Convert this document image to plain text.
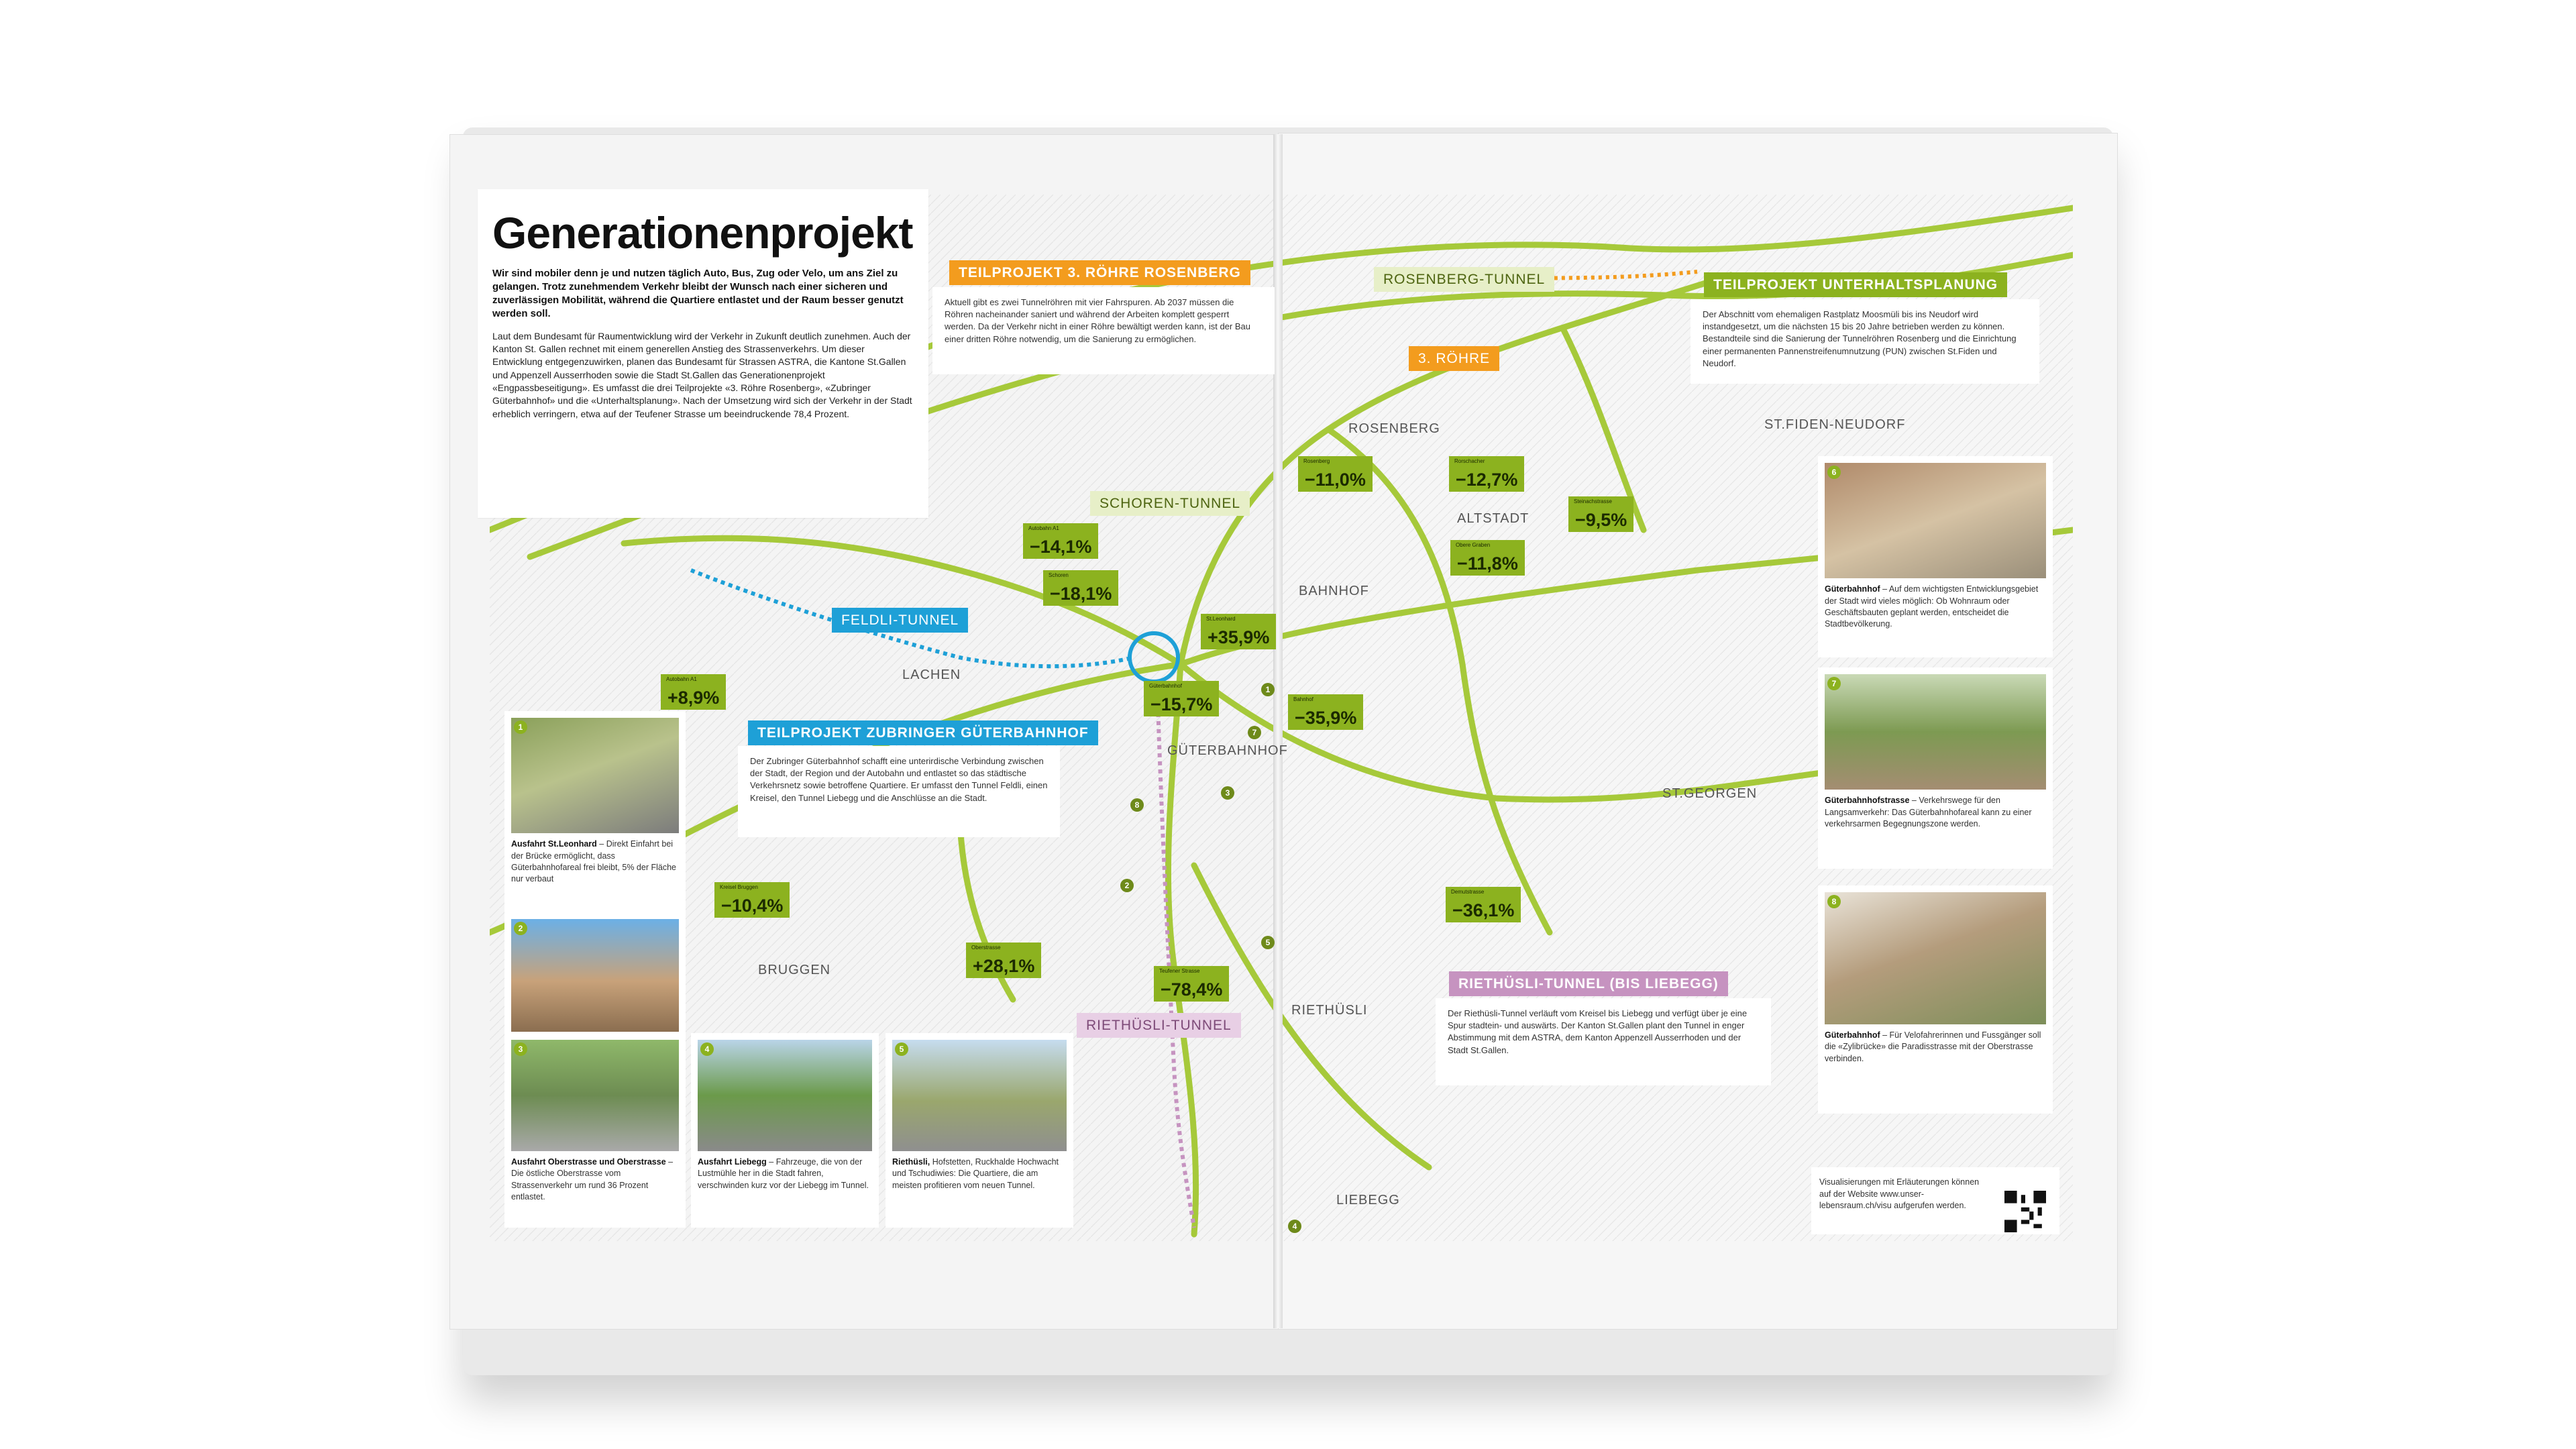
Generationenprojekt

Wir sind mobiler denn je und nutzen täglich Auto, Bus, Zug oder Velo, um ans Ziel zu gelangen. Trotz zunehmendem Verkehr bleibt der Wunsch nach einer sicheren und zuverlässigen Mobilität, während die Quartiere entlastet und der Raum besser genutzt werden soll.

Laut dem Bundesamt für Raumentwicklung wird der Verkehr in Zukunft deutlich zunehmen. Auch der Kanton St. Gallen rechnet mit einem generellen Anstieg des Strassenverkehrs. Um dieser Entwicklung entgegenzuwirken, planen das Bundesamt für Strassen ASTRA, die Kantone St.Gallen und Appenzell Ausserrhoden sowie die Stadt St.Gallen das Generationenprojekt «Engpassbeseitigung». Es umfasst die drei Teilprojekte «3. Röhre Rosenberg», «Zubringer Güterbahnhof» und die «Unterhaltsplanung». Nach der Umsetzung wird sich der Verkehr in der Stadt erheblich verringern, etwa auf der Teufener Strasse um beeindruckende 78,4 Prozent.

TEILPROJEKT 3. RÖHRE ROSENBERG
Aktuell gibt es zwei Tunnelröhren mit vier Fahrspuren. Ab 2037 müssen die Röhren nacheinander saniert und während der Arbeiten komplett gesperrt werden. Da der Verkehr nicht in einer Röhre bewältigt werden kann, ist der Bau einer dritten Röhre notwendig, um die Sanierung zu ermöglichen.
TEILPROJEKT UNTERHALTSPLANUNG
Der Abschnitt vom ehemaligen Rastplatz Moosmüli bis ins Neudorf wird instandgesetzt, um die nächsten 15 bis 20 Jahre betrieben werden zu können. Bestandteile sind die Sanierung der Tunnelröhren Rosenberg und die Einrichtung einer permanenten Pannenstreifenumnutzung (PUN) zwischen St.Fiden und Neudorf.
TEILPROJEKT ZUBRINGER GÜTERBAHNHOF
Der Zubringer Güterbahnhof schafft eine unterirdische Verbindung zwischen der Stadt, der Region und der Autobahn und entlastet so das städtische Verkehrsnetz sowie betroffene Quartiere. Er umfasst den Tunnel Feldli, einen Kreisel, den Tunnel Liebegg und die Anschlüsse an die Stadt.
RIETHÜSLI-TUNNEL (BIS LIEBEGG)
Der Riethüsli-Tunnel verläuft vom Kreisel bis Liebegg und verfügt über je eine Spur stadtein- und auswärts. Der Kanton St.Gallen plant den Tunnel in enger Abstimmung mit dem ASTRA, dem Kanton Appenzell Ausserrhoden und der Stadt St.Gallen.
ROSENBERG-TUNNEL
3. RÖHRE
SCHOREN-TUNNEL
FELDLI-TUNNEL
RIETHÜSLI-TUNNEL
ROSENBERG	ST.FIDEN-NEUDORF
ALTSTADT
BAHNHOF
LACHEN
GÜTERBAHNHOF
ST.GEORGEN
BRUGGEN
RIETHÜSLI
LIEBEGG
Autobahn A1
−14,1%
Schoren
−18,1%
St.Leonhard
+35,9%
Autobahn A1
+8,9%
Güterbahnhof
−15,7%
Rosenberg
−11,0%
Rorschacher
−12,7%
Obere Graben
−11,8%
Steinachstrasse
−9,5%
Bahnhof
−35,9%
Kreisel Bruggen
−10,4%
Oberstrasse
+28,1%	Teufener Strasse
−78,4%
Demutstrasse
−36,1%
1
2
3
4
5
7
8
1
Ausfahrt St.Leonhard – Direkt Einfahrt bei der Brücke ermöglicht, dass Güterbahnhofareal frei bleibt, 5% der Fläche nur verbaut
2
3
Ausfahrt Oberstrasse und Oberstrasse – Die östliche Oberstrasse vom Strassenverkehr um rund 36 Prozent entlastet.
4
Ausfahrt Liebegg – Fahrzeuge, die von der Lustmühle her in die Stadt fahren, verschwinden kurz vor der Liebegg im Tunnel.
5
Riethüsli, Hofstetten, Ruckhalde Hochwacht und Tschudiwies: Die Quartiere, die am meisten profitieren vom neuen Tunnel.
6
Güterbahnhof – Auf dem wichtigsten Entwicklungsgebiet der Stadt wird vieles möglich: Ob Wohnraum oder Geschäftsbauten geplant werden, entscheidet die Stadtbevölkerung.
7
Güterbahnhofstrasse – Verkehrswege für den Langsamverkehr: Das Güterbahnhofareal kann zu einer verkehrsarmen Begegnungszone werden.
8
Güterbahnhof – Für Velofahrerinnen und Fussgänger soll die «Zylibrücke» die Paradisstrasse mit der Oberstrasse verbinden.
Visualisierungen mit Erläuterungen können auf der Website www.unser-lebensraum.ch/visu aufgerufen werden.
